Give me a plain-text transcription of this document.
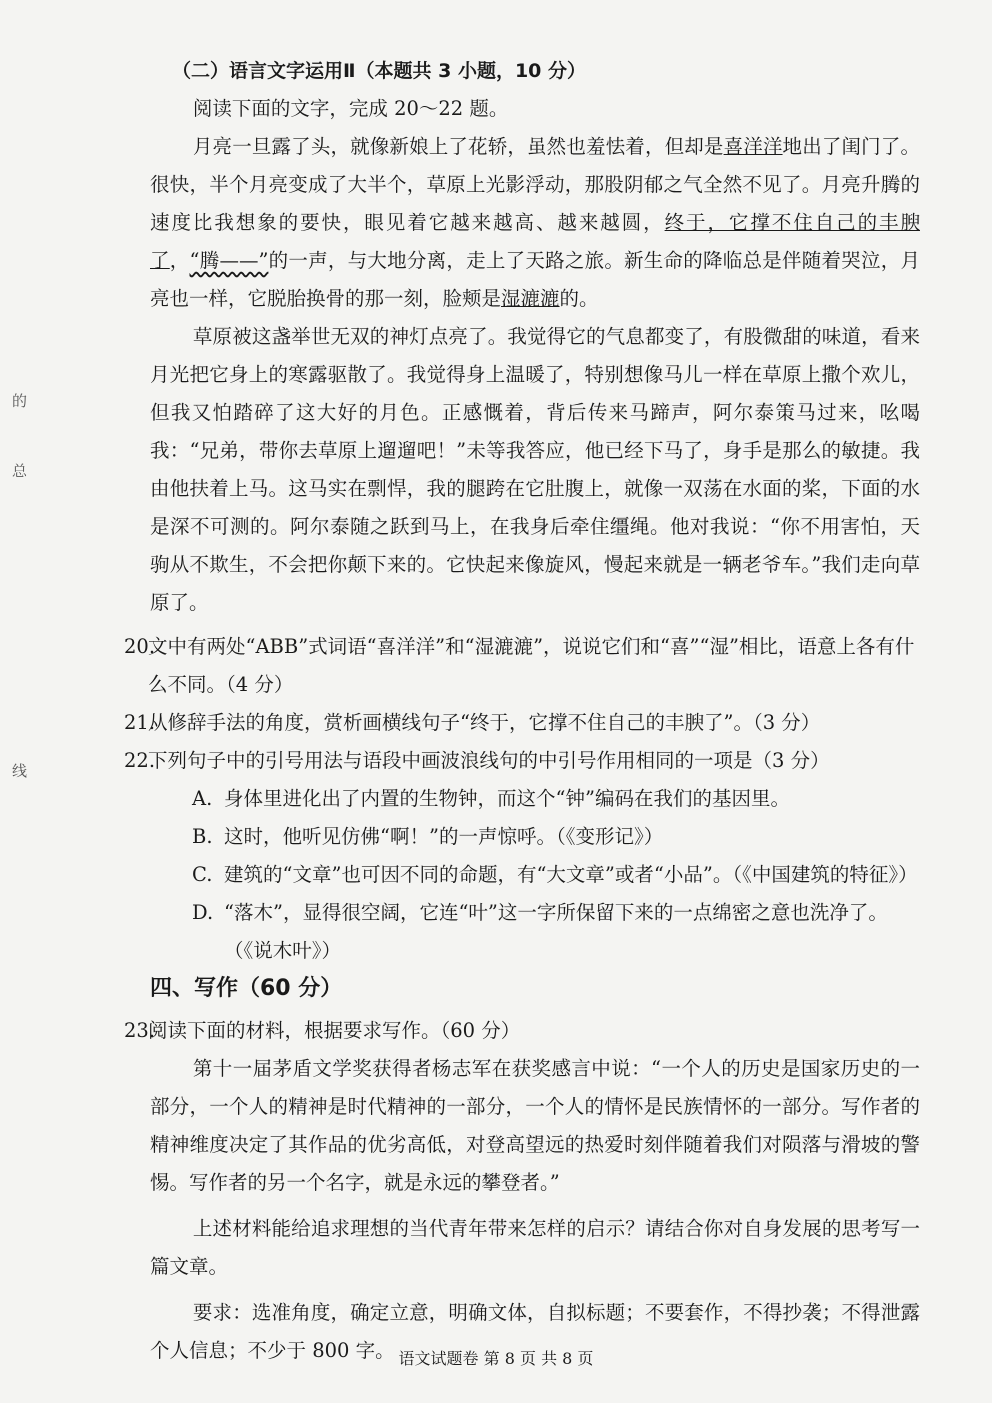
的
总
线

（二）语言文字运用Ⅱ（本题共 3 小题，10 分）

阅读下面的文字，完成 20～22 题。

月亮一旦露了头，就像新娘上了花轿，虽然也羞怯着，但却是喜洋洋地出了闺门了。很快，半个月亮变成了大半个，草原上光影浮动，那股阴郁之气全然不见了。月亮升腾的速度比我想象的要快，眼见着它越来越高、越来越圆，终于，它撑不住自己的丰腴了，“腾——”的一声，与大地分离，走上了天路之旅。新生命的降临总是伴随着哭泣，月亮也一样，它脱胎换骨的那一刻，脸颊是湿漉漉的。

草原被这盏举世无双的神灯点亮了。我觉得它的气息都变了，有股微甜的味道，看来月光把它身上的寒露驱散了。我觉得身上温暖了，特别想像马儿一样在草原上撒个欢儿，但我又怕踏碎了这大好的月色。正感慨着，背后传来马蹄声，阿尔泰策马过来，吆喝我：“兄弟，带你去草原上遛遛吧！”未等我答应，他已经下马了，身手是那么的敏捷。我由他扶着上马。这马实在剽悍，我的腿跨在它肚腹上，就像一双荡在水面的桨，下面的水是深不可测的。阿尔泰随之跃到马上，在我身后牵住缰绳。他对我说：“你不用害怕，天驹从不欺生，不会把你颠下来的。它快起来像旋风，慢起来就是一辆老爷车。”我们走向草原了。

20.
文中有两处“ABB”式词语“喜洋洋”和“湿漉漉”，说说它们和“喜”“湿”相比，语意上各有什么不同。（4 分）
21.
从修辞手法的角度，赏析画横线句子“终于，它撑不住自己的丰腴了”。（3 分）
22.
下列句子中的引号用法与语段中画波浪线句的中引号作用相同的一项是（3 分）
A. 身体里进化出了内置的生物钟，而这个“钟”编码在我们的基因里。
B. 这时，他听见仿佛“啊！”的一声惊呼。（《变形记》）
C. 建筑的“文章”也可因不同的命题，有“大文章”或者“小品”。（《中国建筑的特征》）
D. “落木”，显得很空阔，它连“叶”这一字所保留下来的一点绵密之意也洗净了。（《说木叶》）

四、写作（60 分）

23.
阅读下面的材料，根据要求写作。（60 分）

第十一届茅盾文学奖获得者杨志军在获奖感言中说：“一个人的历史是国家历史的一部分，一个人的精神是时代精神的一部分，一个人的情怀是民族情怀的一部分。写作者的精神维度决定了其作品的优劣高低，对登高望远的热爱时刻伴随着我们对陨落与滑坡的警惕。写作者的另一个名字，就是永远的攀登者。”

上述材料能给追求理想的当代青年带来怎样的启示？请结合你对自身发展的思考写一篇文章。

要求：选准角度，确定立意，明确文体，自拟标题；不要套作，不得抄袭；不得泄露个人信息；不少于 800 字。 语文试题卷 第 8 页 共 8 页
